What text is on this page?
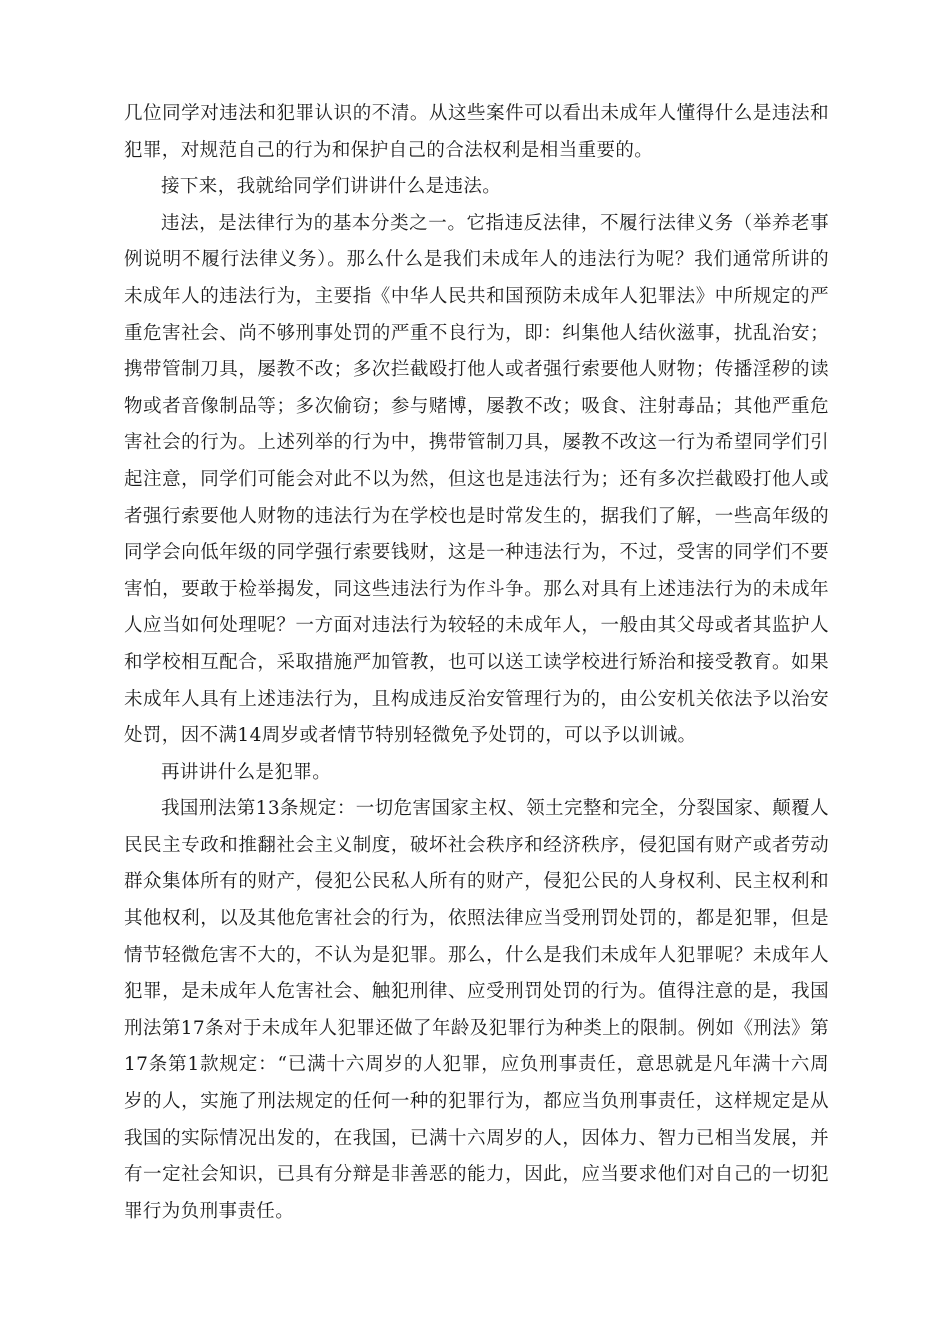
几位同学对违法和犯罪认识的不清。从这些案件可以看出未成年人懂得什么是违法和犯罪，对规范自己的行为和保护自己的合法权利是相当重要的。

接下来，我就给同学们讲讲什么是违法。

违法，是法律行为的基本分类之一。它指违反法律，不履行法律义务（举养老事例说明不履行法律义务）。那么什么是我们未成年人的违法行为呢？我们通常所讲的未成年人的违法行为，主要指《中华人民共和国预防未成年人犯罪法》中所规定的严重危害社会、尚不够刑事处罚的严重不良行为，即：纠集他人结伙滋事，扰乱治安；携带管制刀具，屡教不改；多次拦截殴打他人或者强行索要他人财物；传播淫秽的读物或者音像制品等；多次偷窃；参与赌博，屡教不改；吸食、注射毒品；其他严重危害社会的行为。上述列举的行为中，携带管制刀具，屡教不改这一行为希望同学们引起注意，同学们可能会对此不以为然，但这也是违法行为；还有多次拦截殴打他人或者强行索要他人财物的违法行为在学校也是时常发生的，据我们了解，一些高年级的同学会向低年级的同学强行索要钱财，这是一种违法行为，不过，受害的同学们不要害怕，要敢于检举揭发，同这些违法行为作斗争。那么对具有上述违法行为的未成年人应当如何处理呢？一方面对违法行为较轻的未成年人，一般由其父母或者其监护人和学校相互配合，采取措施严加管教，也可以送工读学校进行矫治和接受教育。如果未成年人具有上述违法行为，且构成违反治安管理行为的，由公安机关依法予以治安处罚，因不满14周岁或者情节特别轻微免予处罚的，可以予以训诫。

再讲讲什么是犯罪。

我国刑法第13条规定：一切危害国家主权、领土完整和完全，分裂国家、颠覆人民民主专政和推翻社会主义制度，破坏社会秩序和经济秩序，侵犯国有财产或者劳动群众集体所有的财产，侵犯公民私人所有的财产，侵犯公民的人身权利、民主权利和其他权利，以及其他危害社会的行为，依照法律应当受刑罚处罚的，都是犯罪，但是情节轻微危害不大的，不认为是犯罪。那么，什么是我们未成年人犯罪呢？未成年人犯罪，是未成年人危害社会、触犯刑律、应受刑罚处罚的行为。值得注意的是，我国刑法第17条对于未成年人犯罪还做了年龄及犯罪行为种类上的限制。例如《刑法》第17条第1款规定：“已满十六周岁的人犯罪，应负刑事责任，意思就是凡年满十六周岁的人，实施了刑法规定的任何一种的犯罪行为，都应当负刑事责任，这样规定是从我国的实际情况出发的，在我国，已满十六周岁的人，因体力、智力已相当发展，并有一定社会知识，已具有分辩是非善恶的能力，因此，应当要求他们对自己的一切犯罪行为负刑事责任。
